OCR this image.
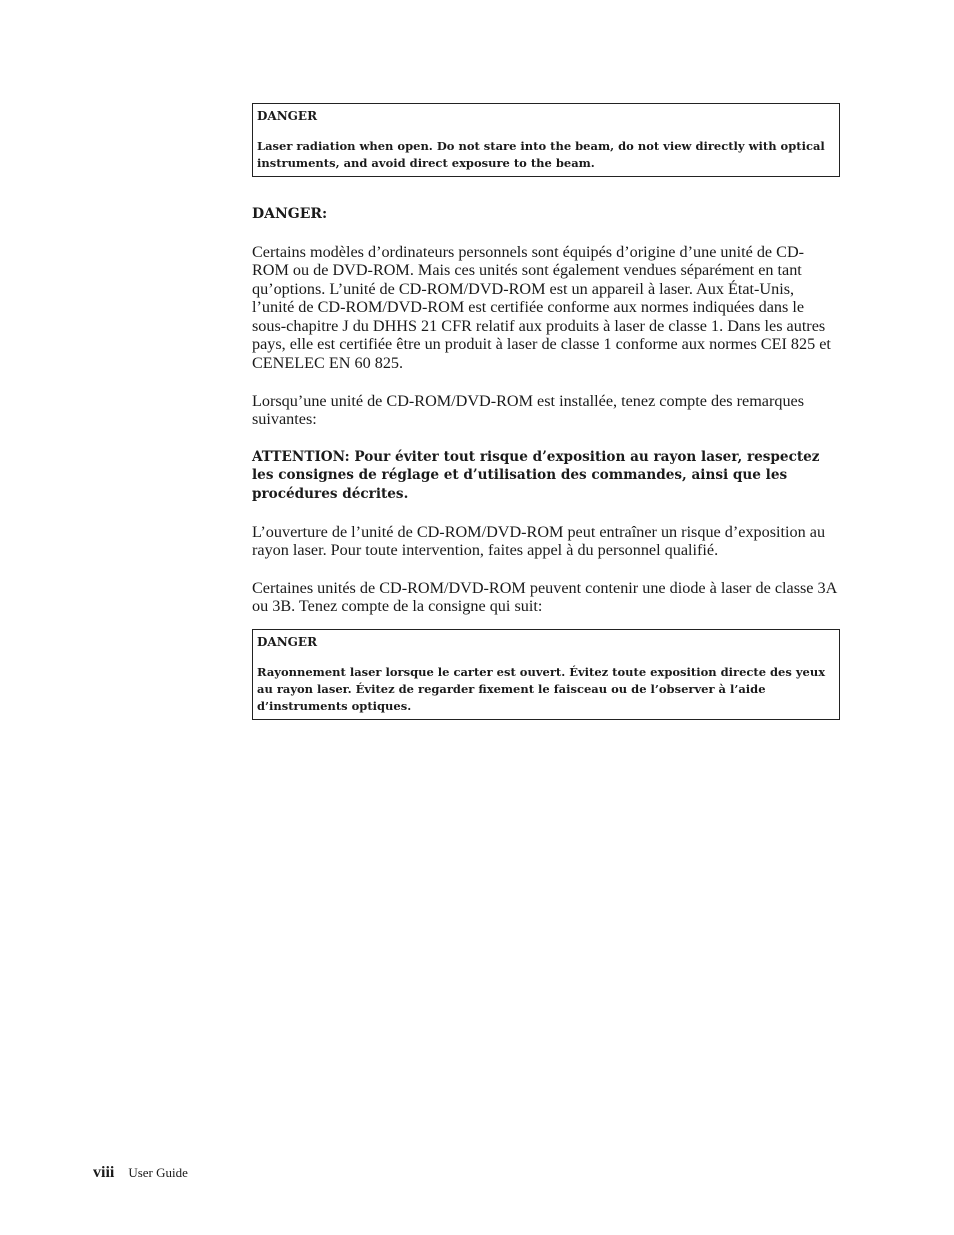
DANGER

Laser radiation when open. Do not stare into the beam, do not view directly with optical instruments, and avoid direct exposure to the beam.

DANGER:

Certains modèles d’ordinateurs personnels sont équipés d’origine d’une unité de CD-ROM ou de DVD-ROM. Mais ces unités sont également vendues séparément en tant qu’options. L’unité de CD-ROM/DVD-ROM est un appareil à laser. Aux État-Unis, l’unité de CD-ROM/DVD-ROM est certifiée conforme aux normes indiquées dans le sous-chapitre J du DHHS 21 CFR relatif aux produits à laser de classe 1. Dans les autres pays, elle est certifiée être un produit à laser de classe 1 conforme aux normes CEI 825 et CENELEC EN 60 825.

Lorsqu’une unité de CD-ROM/DVD-ROM est installée, tenez compte des remarques suivantes:

ATTENTION: Pour éviter tout risque d’exposition au rayon laser, respectez les consignes de réglage et d’utilisation des commandes, ainsi que les procédures décrites.

L’ouverture de l’unité de CD-ROM/DVD-ROM peut entraîner un risque d’exposition au rayon laser. Pour toute intervention, faites appel à du personnel qualifié.

Certaines unités de CD-ROM/DVD-ROM peuvent contenir une diode à laser de classe 3A ou 3B. Tenez compte de la consigne qui suit:

DANGER

Rayonnement laser lorsque le carter est ouvert. Évitez toute exposition directe des yeux au rayon laser. Évitez de regarder fixement le faisceau ou de l’observer à l’aide d’instruments optiques.

viii User Guide
